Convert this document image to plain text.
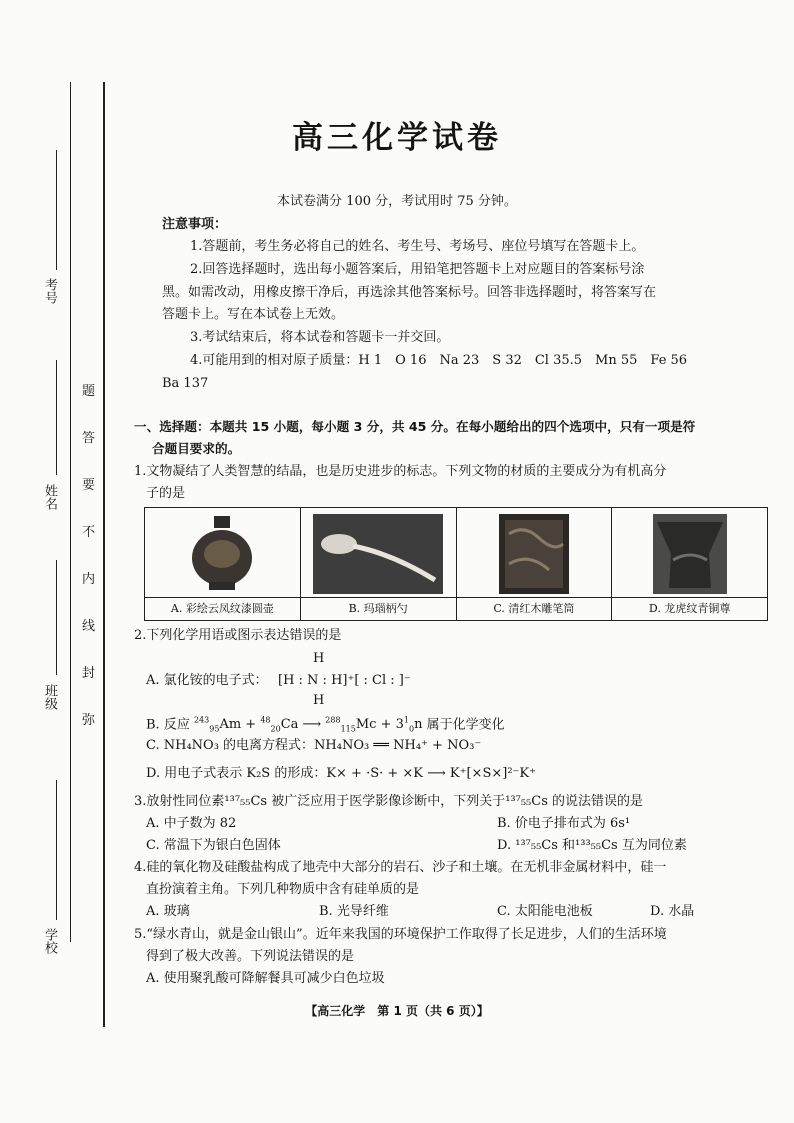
考号
姓名
班级
学校
题
答
要
不
内
线
封
弥
高三化学试卷
本试卷满分 100 分，考试用时 75 分钟。
注意事项：
1.答题前，考生务必将自己的姓名、考生号、考场号、座位号填写在答题卡上。
2.回答选择题时，选出每小题答案后，用铅笔把答题卡上对应题目的答案标号涂
黑。如需改动，用橡皮擦干净后，再选涂其他答案标号。回答非选择题时，将答案写在
答题卡上。写在本试卷上无效。
3.考试结束后，将本试卷和答题卡一并交回。
4.可能用到的相对原子质量：H 1　O 16　Na 23　S 32　Cl 35.5　Mn 55　Fe 56
Ba 137
一、选择题：本题共 15 小题，每小题 3 分，共 45 分。在每小题给出的四个选项中，只有一项是符
合题目要求的。
1.文物凝结了人类智慧的结晶，也是历史进步的标志。下列文物的材质的主要成分为有机高分
子的是
A. 彩绘云凤纹漆圆壶	B. 玛瑙柄勺	C. 清红木雕笔筒	D. 龙虎纹青铜尊
2.下列化学用语或图示表达错误的是
H
A. 氯化铵的电子式： [H : N : H]⁺[ : Cl : ]⁻
H
B. 反应 $^{243}_{95}$Am + $^{48}_{20}$Ca ⟶ $^{288}_{115}Mc + 3^1_0n$ 属于化学变化
C. NH₄NO₃ 的电离方程式：NH₄NO₃ ══ NH₄⁺ + NO₃⁻
D. 用电子式表示 K₂S 的形成：K× + ·S· + ×K ⟶ K⁺[×S×]²⁻K⁺
3.放射性同位素¹³⁷₅₅Cs 被广泛应用于医学影像诊断中，下列关于¹³⁷₅₅Cs 的说法错误的是
A. 中子数为 82	B. 价电子排布式为 6s¹
C. 常温下为银白色固体	D. ¹³⁷₅₅Cs 和¹³³₅₅Cs 互为同位素
4.硅的氧化物及硅酸盐构成了地壳中大部分的岩石、沙子和土壤。在无机非金属材料中，硅一
直扮演着主角。下列几种物质中含有硅单质的是
A. 玻璃	B. 光导纤维	C. 太阳能电池板	D. 水晶
5.“绿水青山，就是金山银山”。近年来我国的环境保护工作取得了长足进步，人们的生活环境
得到了极大改善。下列说法错误的是
A. 使用聚乳酸可降解餐具可减少白色垃圾
【高三化学　第 1 页（共 6 页）】
